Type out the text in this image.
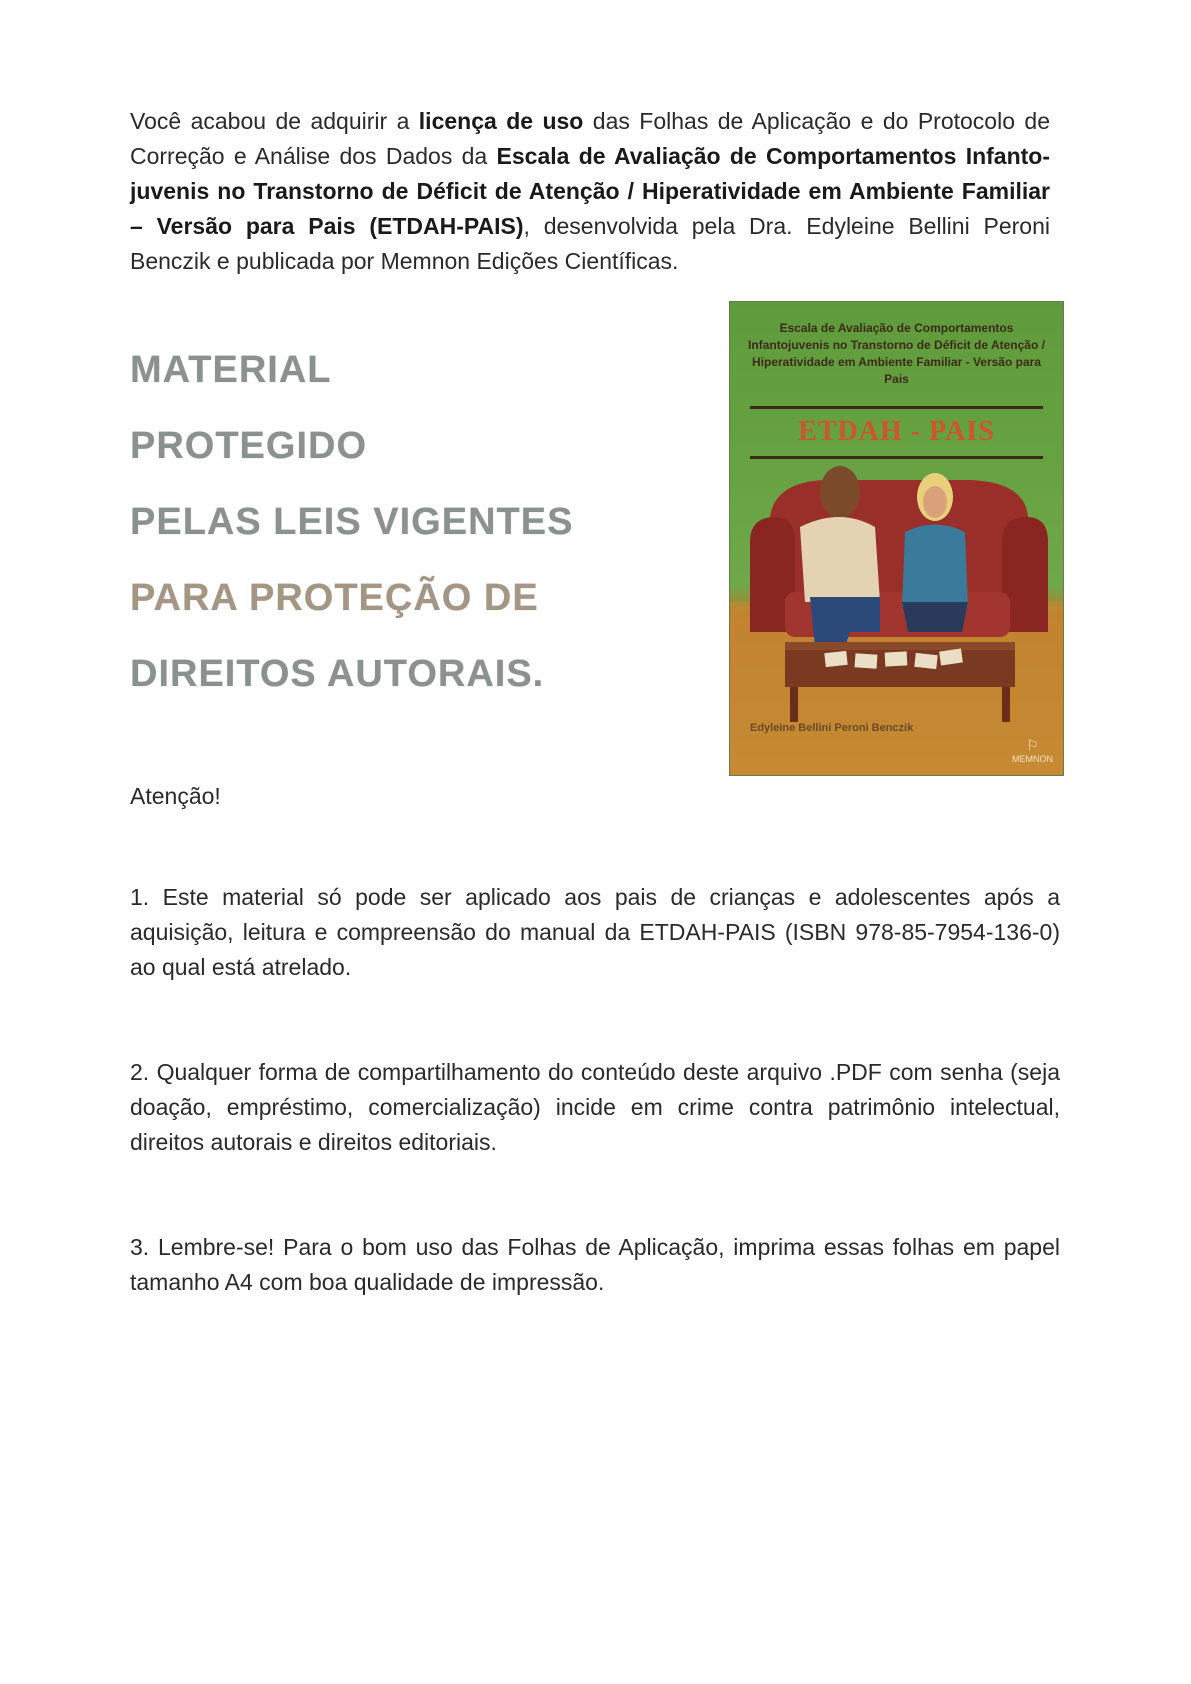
Você acabou de adquirir a licença de uso das Folhas de Aplicação e do Protocolo de Correção e Análise dos Dados da Escala de Avaliação de Comportamentos Infanto-juvenis no Transtorno de Déficit de Atenção / Hiperatividade em Ambiente Familiar – Versão para Pais (ETDAH-PAIS), desenvolvida pela Dra. Edyleine Bellini Peroni Benczik e publicada por Memnon Edições Científicas.

MATERIAL
PROTEGIDO
PELAS LEIS VIGENTES
PARA PROTEÇÃO DE
DIREITOS AUTORAIS.
Escala de Avaliação de Comportamentos Infantojuvenis no Transtorno de Déficit de Atenção / Hiperatividade em Ambiente Familiar - Versão para Pais
ETDAH - PAIS
Edyleine Bellini Peroni Benczik
⚐
MEMNON
Atenção!

1. Este material só pode ser aplicado aos pais de crianças e adolescentes após a aquisição, leitura e compreensão do manual da ETDAH-PAIS (ISBN 978-85-7954-136-0) ao qual está atrelado.

2. Qualquer forma de compartilhamento do conteúdo deste arquivo .PDF com senha (seja doação, empréstimo, comercialização) incide em crime contra patrimônio intelectual, direitos autorais e direitos editoriais.

3. Lembre-se! Para o bom uso das Folhas de Aplicação, imprima essas folhas em papel tamanho A4 com boa qualidade de impressão.
